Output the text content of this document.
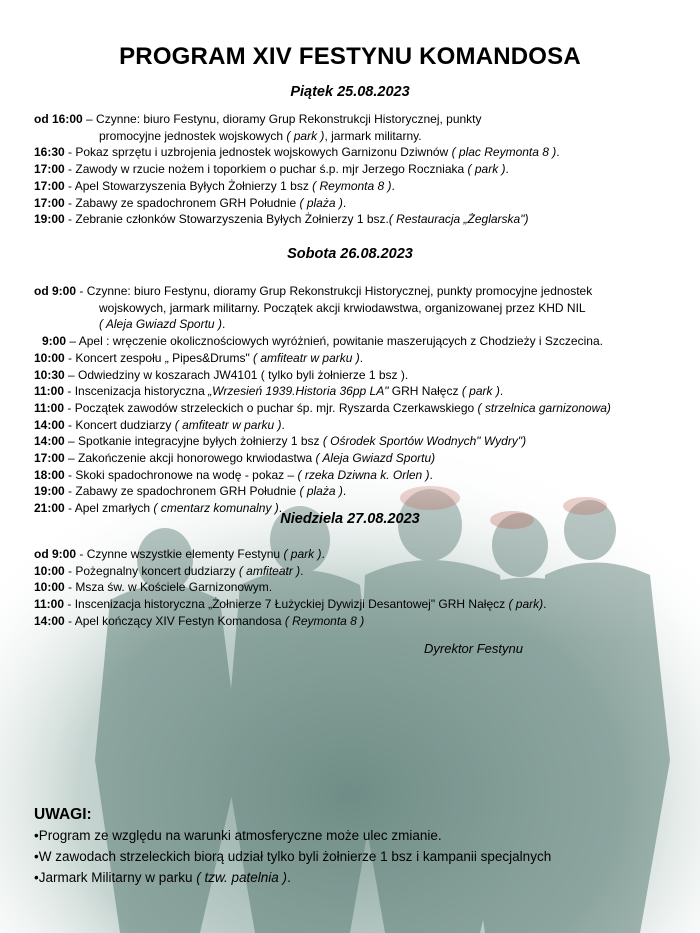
PROGRAM XIV FESTYNU KOMANDOSA
Piątek 25.08.2023
od 16:00 – Czynne: biuro Festynu, dioramy Grup Rekonstrukcji Historycznej, punkty
promocyjne jednostek wojskowych ( park ), jarmark militarny.
16:30 - Pokaz sprzętu i uzbrojenia jednostek wojskowych Garnizonu Dziwnów ( plac Reymonta 8 ).
17:00 - Zawody w rzucie nożem i toporkiem o puchar ś.p. mjr Jerzego Roczniaka ( park ).
17:00 - Apel Stowarzyszenia Byłych Żołnierzy 1 bsz ( Reymonta 8 ).
17:00 - Zabawy ze spadochronem GRH Południe ( plaża ).
19:00 - Zebranie członków Stowarzyszenia Byłych Żołnierzy 1 bsz.( Restauracja „Żeglarska")
Sobota 26.08.2023
od 9:00 - Czynne: biuro Festynu, dioramy Grup Rekonstrukcji Historycznej, punkty promocyjne jednostek
wojskowych, jarmark militarny. Początek akcji krwiodawstwa, organizowanej przez KHD NIL
( Aleja Gwiazd Sportu ).
9:00 – Apel : wręczenie okolicznościowych wyróżnień, powitanie maszerujących z Chodzieży i Szczecina.
10:00 - Koncert zespołu „ Pipes&Drums" ( amfiteatr w parku ).
10:30 – Odwiedziny w koszarach JW4101 ( tylko byli żołnierze 1 bsz ).
11:00 - Inscenizacja historyczna „Wrzesień 1939.Historia 36pp LA" GRH Nałęcz ( park ).
11:00 - Początek zawodów strzeleckich o puchar śp. mjr. Ryszarda Czerkawskiego ( strzelnica garnizonowa)
14:00 - Koncert dudziarzy ( amfiteatr w parku ).
14:00 – Spotkanie integracyjne byłych żołnierzy 1 bsz ( Ośrodek Sportów Wodnych" Wydry")
17:00 – Zakończenie akcji honorowego krwiodastwa ( Aleja Gwiazd Sportu)
18:00 - Skoki spadochronowe na wodę - pokaz – ( rzeka Dziwna k. Orlen ).
19:00 - Zabawy ze spadochronem GRH Południe ( plaża ).
21:00 - Apel zmarłych ( cmentarz komunalny ).
Niedziela 27.08.2023
od 9:00 - Czynne wszystkie elementy Festynu ( park ).
10:00 - Pożegnalny koncert dudziarzy ( amfiteatr ).
10:00 - Msza św. w Kościele Garnizonowym.
11:00 - Inscenizacja historyczna „Żołnierze 7 Łużyckiej Dywizji Desantowej" GRH Nałęcz ( park).
14:00 - Apel kończący XIV Festyn Komandosa ( Reymonta 8 )
Dyrektor Festynu
UWAGI:
•Program ze względu na warunki atmosferyczne może ulec zmianie.
•W zawodach strzeleckich biorą udział tylko byli żołnierze 1 bsz i kampanii specjalnych
•Jarmark Militarny w parku ( tzw. patelnia ).
